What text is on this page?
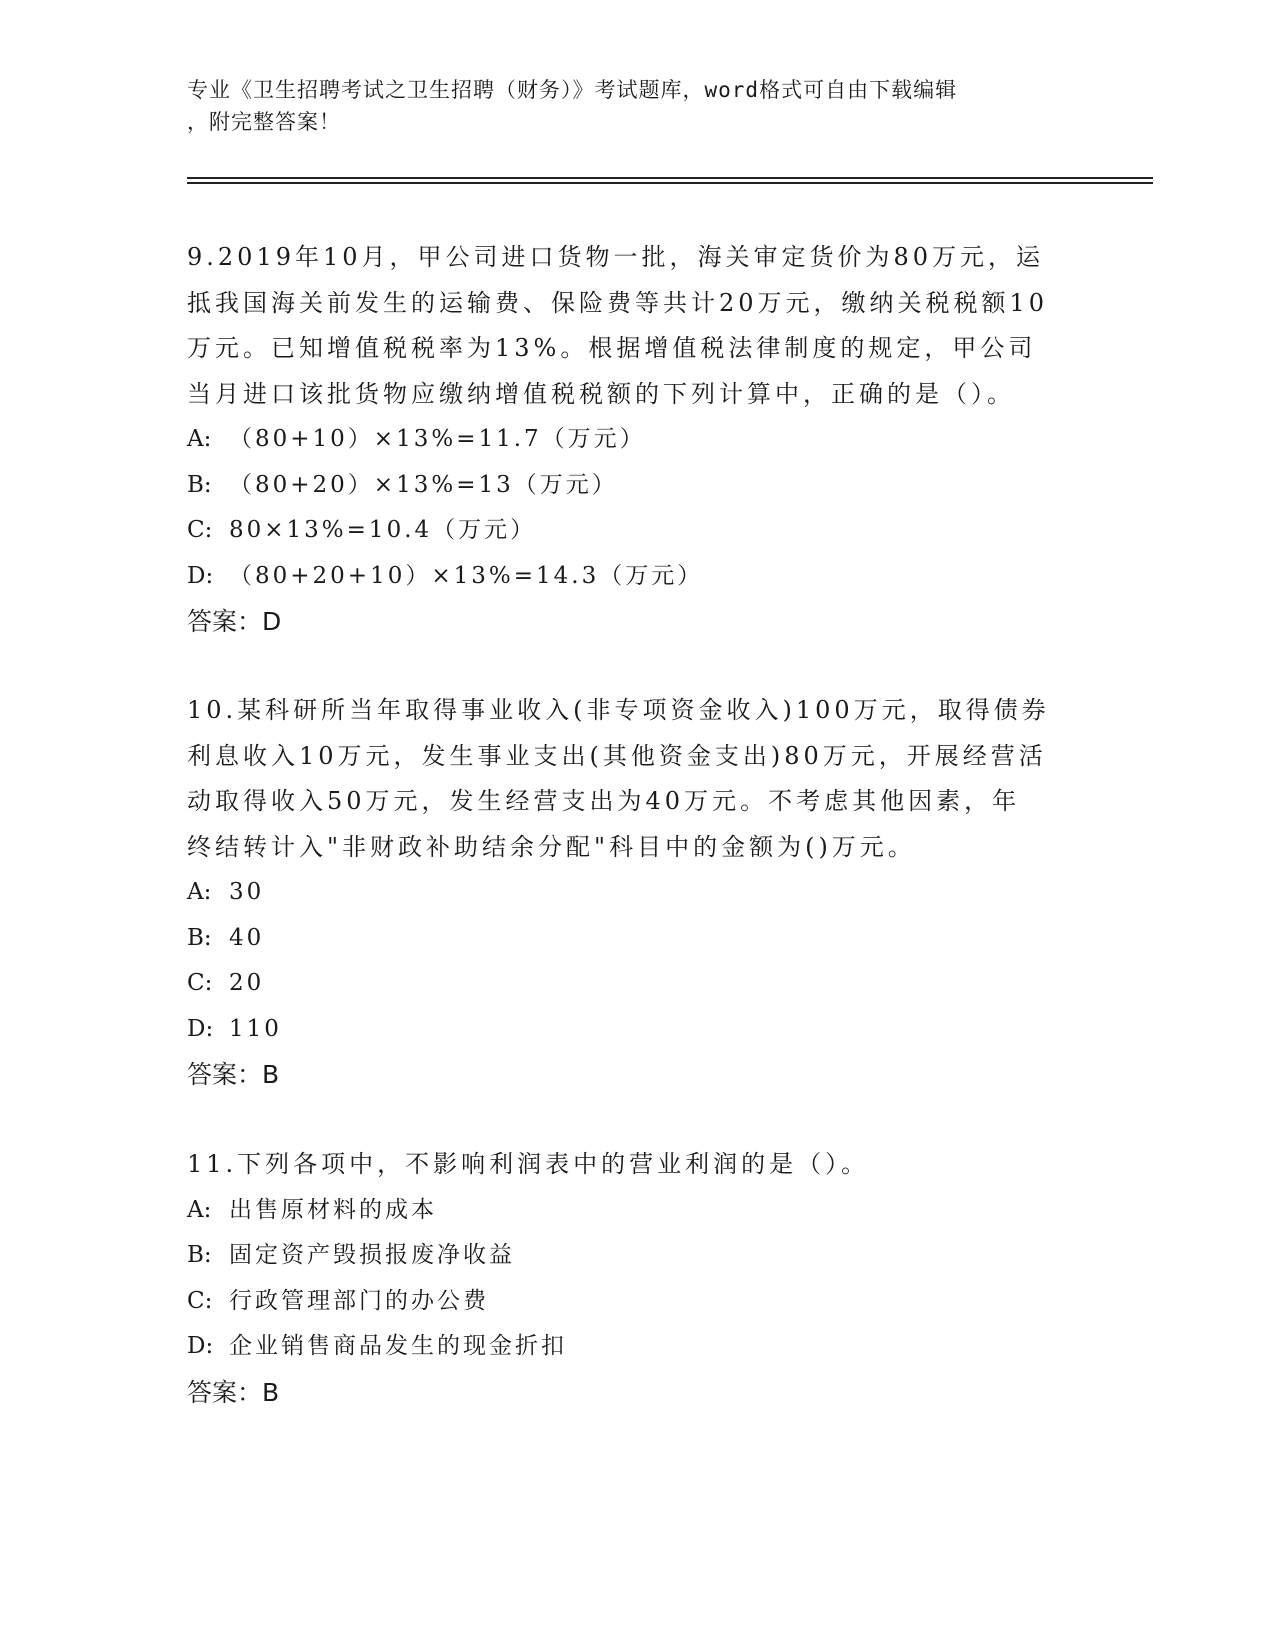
专业《卫生招聘考试之卫生招聘（财务）》考试题库，word格式可自由下载编辑
，附完整答案！

9.2019年10月，甲公司进口货物一批，海关审定货价为80万元，运

抵我国海关前发生的运输费、保险费等共计20万元，缴纳关税税额10

万元。已知增值税税率为13%。根据增值税法律制度的规定，甲公司

当月进口该批货物应缴纳增值税税额的下列计算中，正确的是（）。

A: （80+10）×13%=11.7（万元）

B: （80+20）×13%=13（万元）

C: 80×13%=10.4（万元）

D: （80+20+10）×13%=14.3（万元）

答案：D

10.某科研所当年取得事业收入(非专项资金收入)100万元，取得债券

利息收入10万元，发生事业支出(其他资金支出)80万元，开展经营活

动取得收入50万元，发生经营支出为40万元。不考虑其他因素，年

终结转计入"非财政补助结余分配"科目中的金额为()万元。

A: 30

B: 40

C: 20

D: 110

答案：B

11.下列各项中，不影响利润表中的营业利润的是（）。

A: 出售原材料的成本

B: 固定资产毁损报废净收益

C: 行政管理部门的办公费

D: 企业销售商品发生的现金折扣

答案：B
